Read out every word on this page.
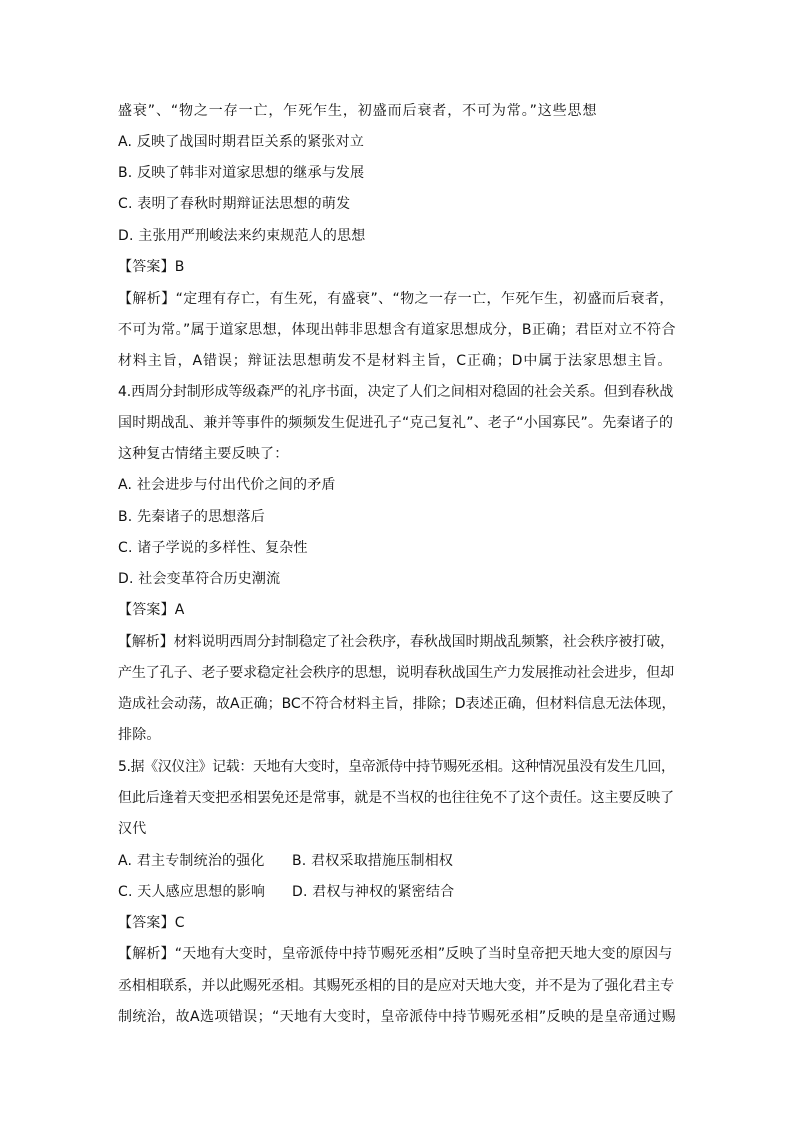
盛衰”、“物之一存一亡，乍死乍生，初盛而后衰者，不可为常。”这些思想
A. 反映了战国时期君臣关系的紧张对立
B. 反映了韩非对道家思想的继承与发展
C. 表明了春秋时期辩证法思想的萌发
D. 主张用严刑峻法来约束规范人的思想
【答案】B
【解析】“定理有存亡，有生死，有盛衰”、“物之一存一亡，乍死乍生，初盛而后衰者，
不可为常。”属于道家思想，体现出韩非思想含有道家思想成分，B正确；君臣对立不符合
材料主旨，A错误；辩证法思想萌发不是材料主旨，C正确；D中属于法家思想主旨。
4.西周分封制形成等级森严的礼序书面，决定了人们之间相对稳固的社会关系。但到春秋战
国时期战乱、兼并等事件的频频发生促进孔子“克己复礼”、老子“小国寡民”。先秦诸子的
这种复古情绪主要反映了：
A. 社会进步与付出代价之间的矛盾
B. 先秦诸子的思想落后
C. 诸子学说的多样性、复杂性
D. 社会变革符合历史潮流
【答案】A
【解析】材料说明西周分封制稳定了社会秩序，春秋战国时期战乱频繁，社会秩序被打破，
产生了孔子、老子要求稳定社会秩序的思想，说明春秋战国生产力发展推动社会进步，但却
造成社会动荡，故A正确；BC不符合材料主旨，排除；D表述正确，但材料信息无法体现，
排除。
5.据《汉仪注》记载：天地有大变时，皇帝派侍中持节赐死丞相。这种情况虽没有发生几回，
但此后逢着天变把丞相罢免还是常事，就是不当权的也往往免不了这个责任。这主要反映了
汉代
A. 君主专制统治的强化 B. 君权采取措施压制相权
C. 天人感应思想的影响 D. 君权与神权的紧密结合
【答案】C
【解析】“天地有大变时，皇帝派侍中持节赐死丞相”反映了当时皇帝把天地大变的原因与
丞相相联系，并以此赐死丞相。其赐死丞相的目的是应对天地大变，并不是为了强化君主专
制统治，故A选项错误；“天地有大变时，皇帝派侍中持节赐死丞相”反映的是皇帝通过赐
